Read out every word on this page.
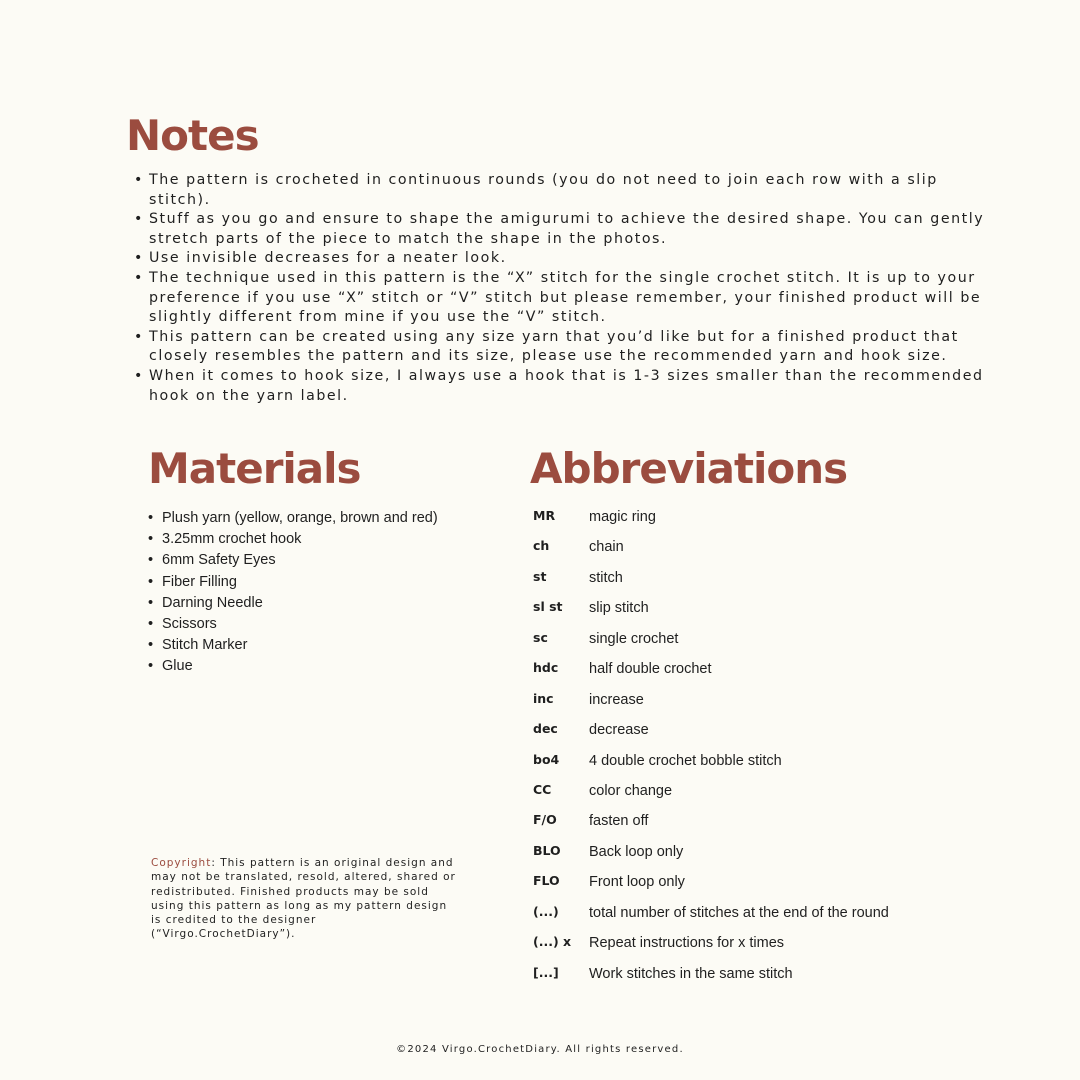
Notes
• The pattern is crocheted in continuous rounds (you do not need to join each row with a slip stitch).
• Stuff as you go and ensure to shape the amigurumi to achieve the desired shape. You can gently stretch parts of the piece to match the shape in the photos.
• Use invisible decreases for a neater look.
• The technique used in this pattern is the “X” stitch for the single crochet stitch. It is up to your preference if you use “X” stitch or “V” stitch but please remember, your finished product will be slightly different from mine if you use the “V” stitch.
• This pattern can be created using any size yarn that you’d like but for a finished product that closely resembles the pattern and its size, please use the recommended yarn and hook size.
• When it comes to hook size, I always use a hook that is 1-3 sizes smaller than the recommended hook on the yarn label.
Materials
• Plush yarn (yellow, orange, brown and red)
• 3.25mm crochet hook
• 6mm Safety Eyes
• Fiber Filling
• Darning Needle
• Scissors
• Stitch Marker
• Glue
Abbreviations
MR	magic ring
ch	chain
st	stitch
sl st	slip stitch
sc	single crochet
hdc	half double crochet
inc	increase
dec	decrease
bo4	4 double crochet bobble stitch
CC	color change
F/O	fasten off
BLO	Back loop only
FLO	Front loop only
(...)	total number of stitches at the end of the round
(...) x	Repeat instructions for x times
[...]	Work stitches in the same stitch

Copyright: This pattern is an original design and may not be translated, resold, altered, shared or redistributed. Finished products may be sold using this pattern as long as my pattern design is credited to the designer (“Virgo.CrochetDiary”).

©2024 Virgo.CrochetDiary. All rights reserved.
